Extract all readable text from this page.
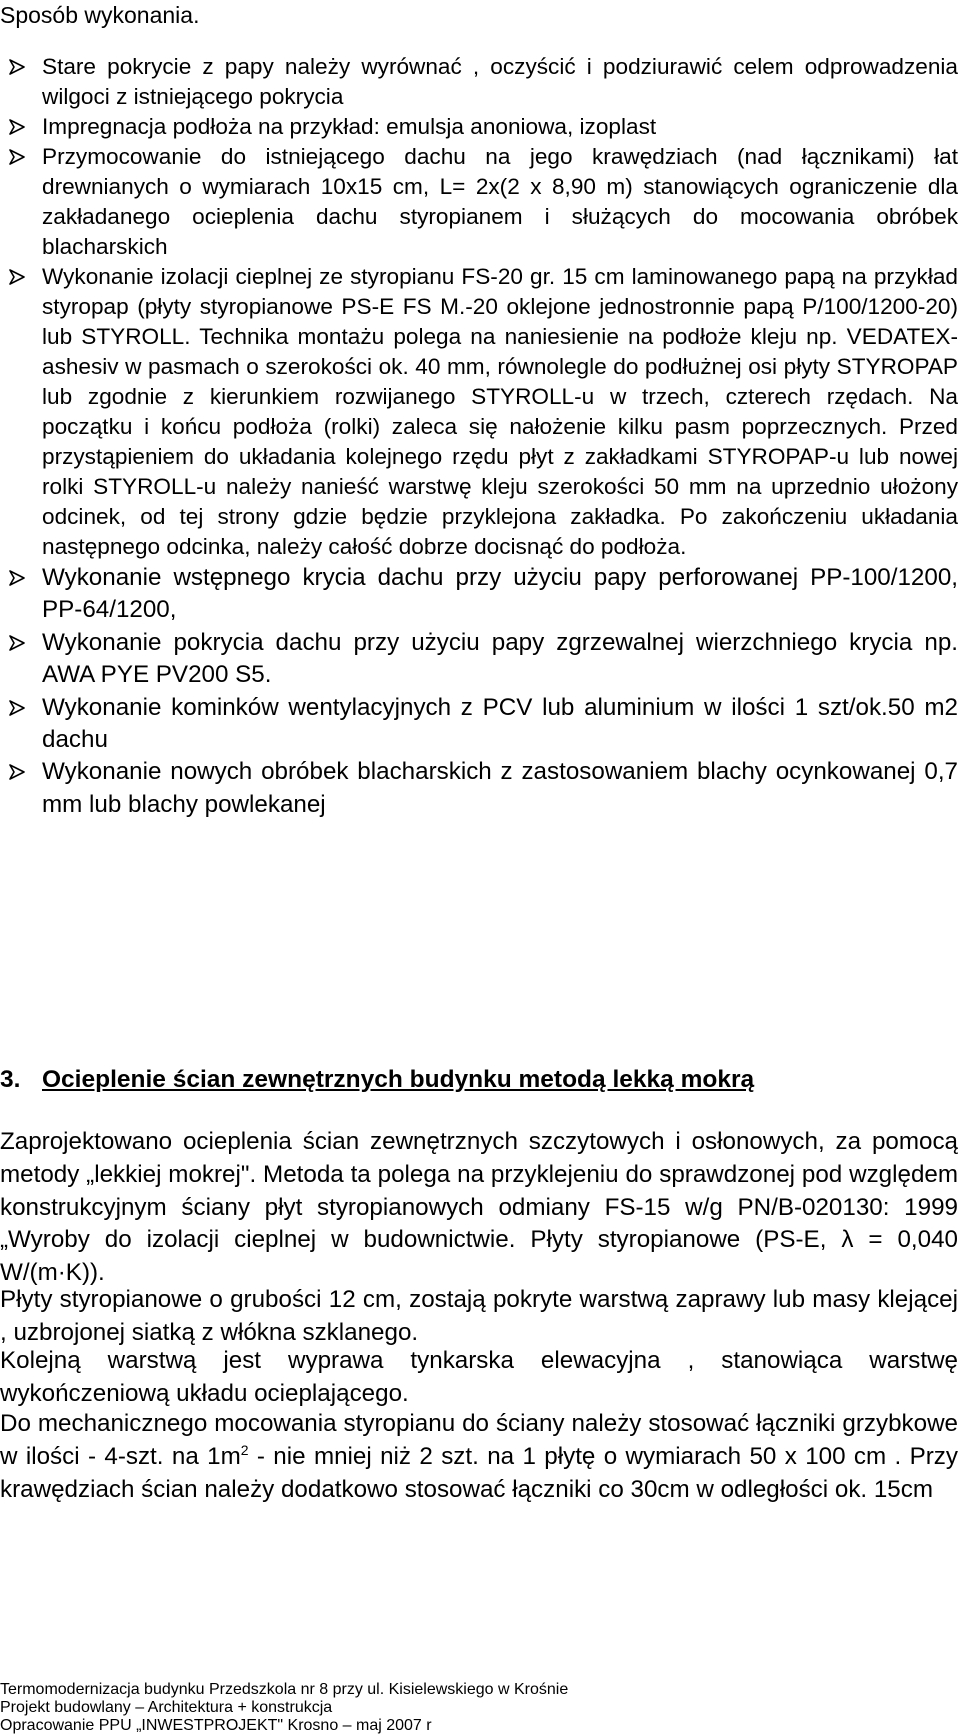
Sposób wykonania.
Stare pokrycie z papy należy wyrównać , oczyścić i podziurawić celem odprowadzenia wilgoci z istniejącego pokrycia
Impregnacja podłoża na przykład: emulsja anoniowa, izoplast
Przymocowanie do istniejącego dachu na jego krawędziach (nad łącznikami) łat drewnianych o wymiarach 10x15 cm, L= 2x(2 x 8,90 m) stanowiących ograniczenie dla zakładanego ocieplenia dachu styropianem i służących do mocowania obróbek blacharskich
Wykonanie izolacji cieplnej ze styropianu FS-20 gr. 15 cm laminowanego papą na przykład styropap (płyty styropianowe PS-E FS M.-20 oklejone jednostronnie papą P/100/1200-20) lub STYROLL. Technika montażu polega na naniesienie na podłoże kleju np. VEDATEX-ashesiv w pasmach o szerokości ok. 40 mm, równolegle do podłużnej osi płyty STYROPAP lub zgodnie z kierunkiem rozwijanego STYROLL-u w trzech, czterech rzędach. Na początku i końcu podłoża (rolki) zaleca się nałożenie kilku pasm poprzecznych. Przed przystąpieniem do układania kolejnego rzędu płyt z zakładkami STYROPAP-u lub nowej rolki STYROLL-u należy nanieść warstwę kleju szerokości 50 mm na uprzednio ułożony odcinek, od tej strony gdzie będzie przyklejona zakładka. Po zakończeniu układania następnego odcinka, należy całość dobrze docisnąć do podłoża.
Wykonanie wstępnego krycia dachu przy użyciu papy perforowanej PP-100/1200, PP-64/1200,
Wykonanie pokrycia dachu przy użyciu papy zgrzewalnej wierzchniego krycia np. AWA PYE PV200 S5.
Wykonanie kominków wentylacyjnych z PCV lub aluminium w ilości 1 szt/ok.50 m2 dachu
Wykonanie nowych obróbek blacharskich z zastosowaniem blachy ocynkowanej 0,7 mm lub blachy powlekanej
3. Ocieplenie ścian zewnętrznych budynku metodą lekką mokrą

Zaprojektowano ocieplenia ścian zewnętrznych szczytowych i osłonowych, za pomocą metody „lekkiej mokrej". Metoda ta polega na przyklejeniu do sprawdzonej pod względem konstrukcyjnym ściany płyt styropianowych odmiany FS-15 w/g PN/B-020130: 1999 „Wyroby do izolacji cieplnej w budownictwie. Płyty styropianowe (PS-E, λ = 0,040 W/(m·K)).

Płyty styropianowe o grubości 12 cm, zostają pokryte warstwą zaprawy lub masy klejącej , uzbrojonej siatką z włókna szklanego.

Kolejną warstwą jest wyprawa tynkarska elewacyjna , stanowiąca warstwę wykończeniową układu ocieplającego.

Do mechanicznego mocowania styropianu do ściany należy stosować łączniki grzybkowe w ilości - 4-szt. na $1m^2$ - nie mniej niż 2 szt. na 1 płytę o wymiarach 50 x 100 cm . Przy krawędziach ścian należy dodatkowo stosować łączniki co 30cm w odległości ok. 15cm

Termomodernizacja budynku Przedszkola nr 8 przy ul. Kisielewskiego w Krośnie
Projekt budowlany – Architektura + konstrukcja
Opracowanie PPU „INWESTPROJEKT" Krosno – maj 2007 r
